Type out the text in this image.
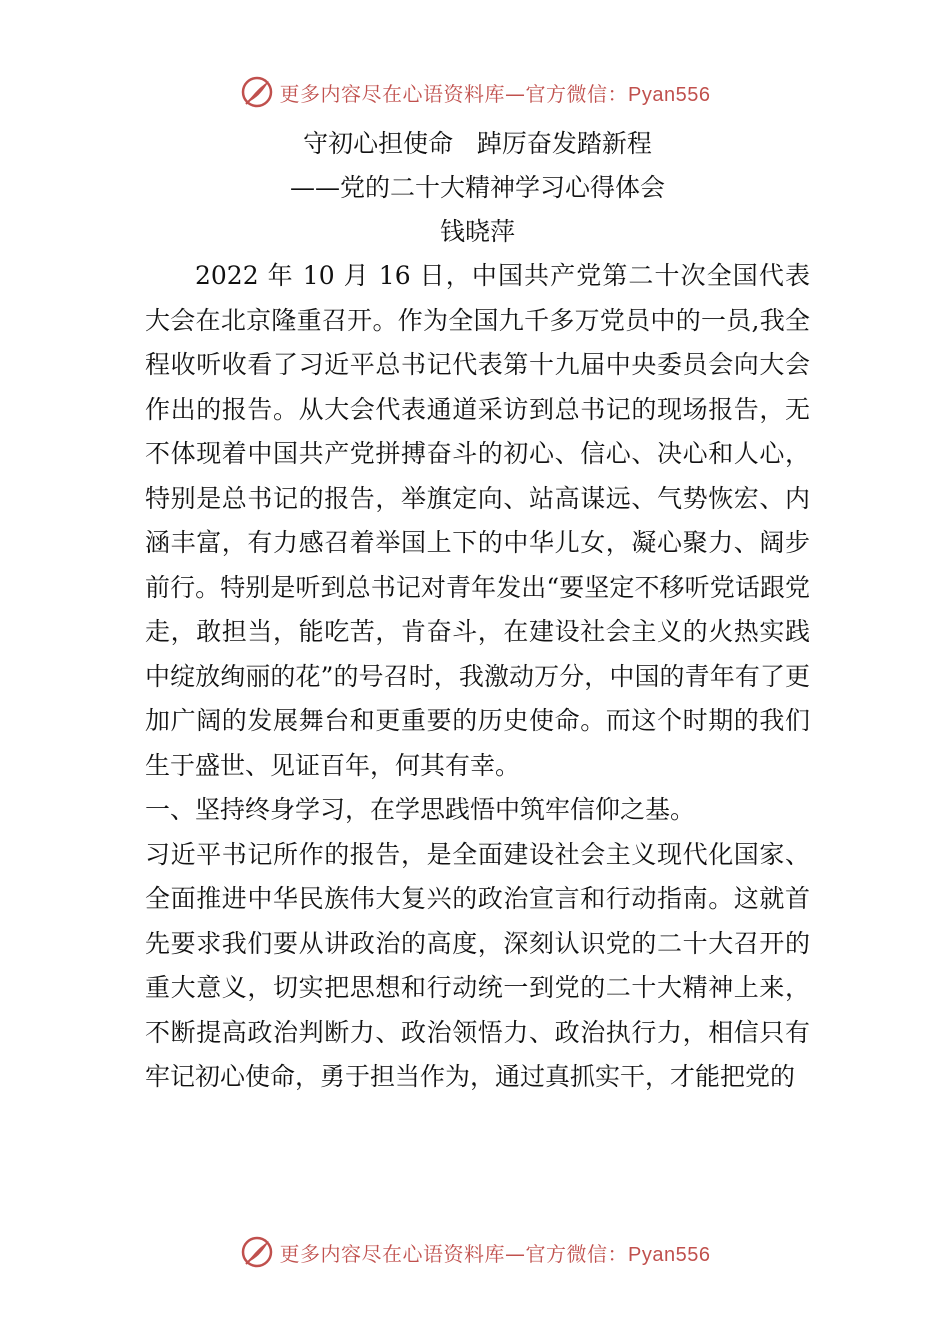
更多内容尽在心语资料库—官方微信：Pyan556
守初心担使命   踔厉奋发踏新程
——党的二十大精神学习心得体会
钱晓萍

2022 年 10 月 16 日，中国共产党第二十次全国代表大会在北京隆重召开。作为全国九千多万党员中的一员,我全程收听收看了习近平总书记代表第十九届中央委员会向大会作出的报告。从大会代表通道采访到总书记的现场报告，无不体现着中国共产党拼搏奋斗的初心、信心、决心和人心，特别是总书记的报告，举旗定向、站高谋远、气势恢宏、内涵丰富，有力感召着举国上下的中华儿女，凝心聚力、阔步前行。特别是听到总书记对青年发出“要坚定不移听党话跟党走，敢担当，能吃苦，肯奋斗，在建设社会主义的火热实践中绽放绚丽的花”的号召时，我激动万分，中国的青年有了更加广阔的发展舞台和更重要的历史使命。而这个时期的我们生于盛世、见证百年，何其有幸。

一、坚持终身学习，在学思践悟中筑牢信仰之基。

习近平书记所作的报告，是全面建设社会主义现代化国家、 全面推进中华民族伟大复兴的政治宣言和行动指南。这就首先要求我们要从讲政治的高度，深刻认识党的二十大召开的重大意义，切实把思想和行动统一到党的二十大精神上来， 不断提高政治判断力、政治领悟力、政治执行力，相信只有牢记初心使命，勇于担当作为，通过真抓实干，才能把党的

更多内容尽在心语资料库—官方微信：Pyan556
